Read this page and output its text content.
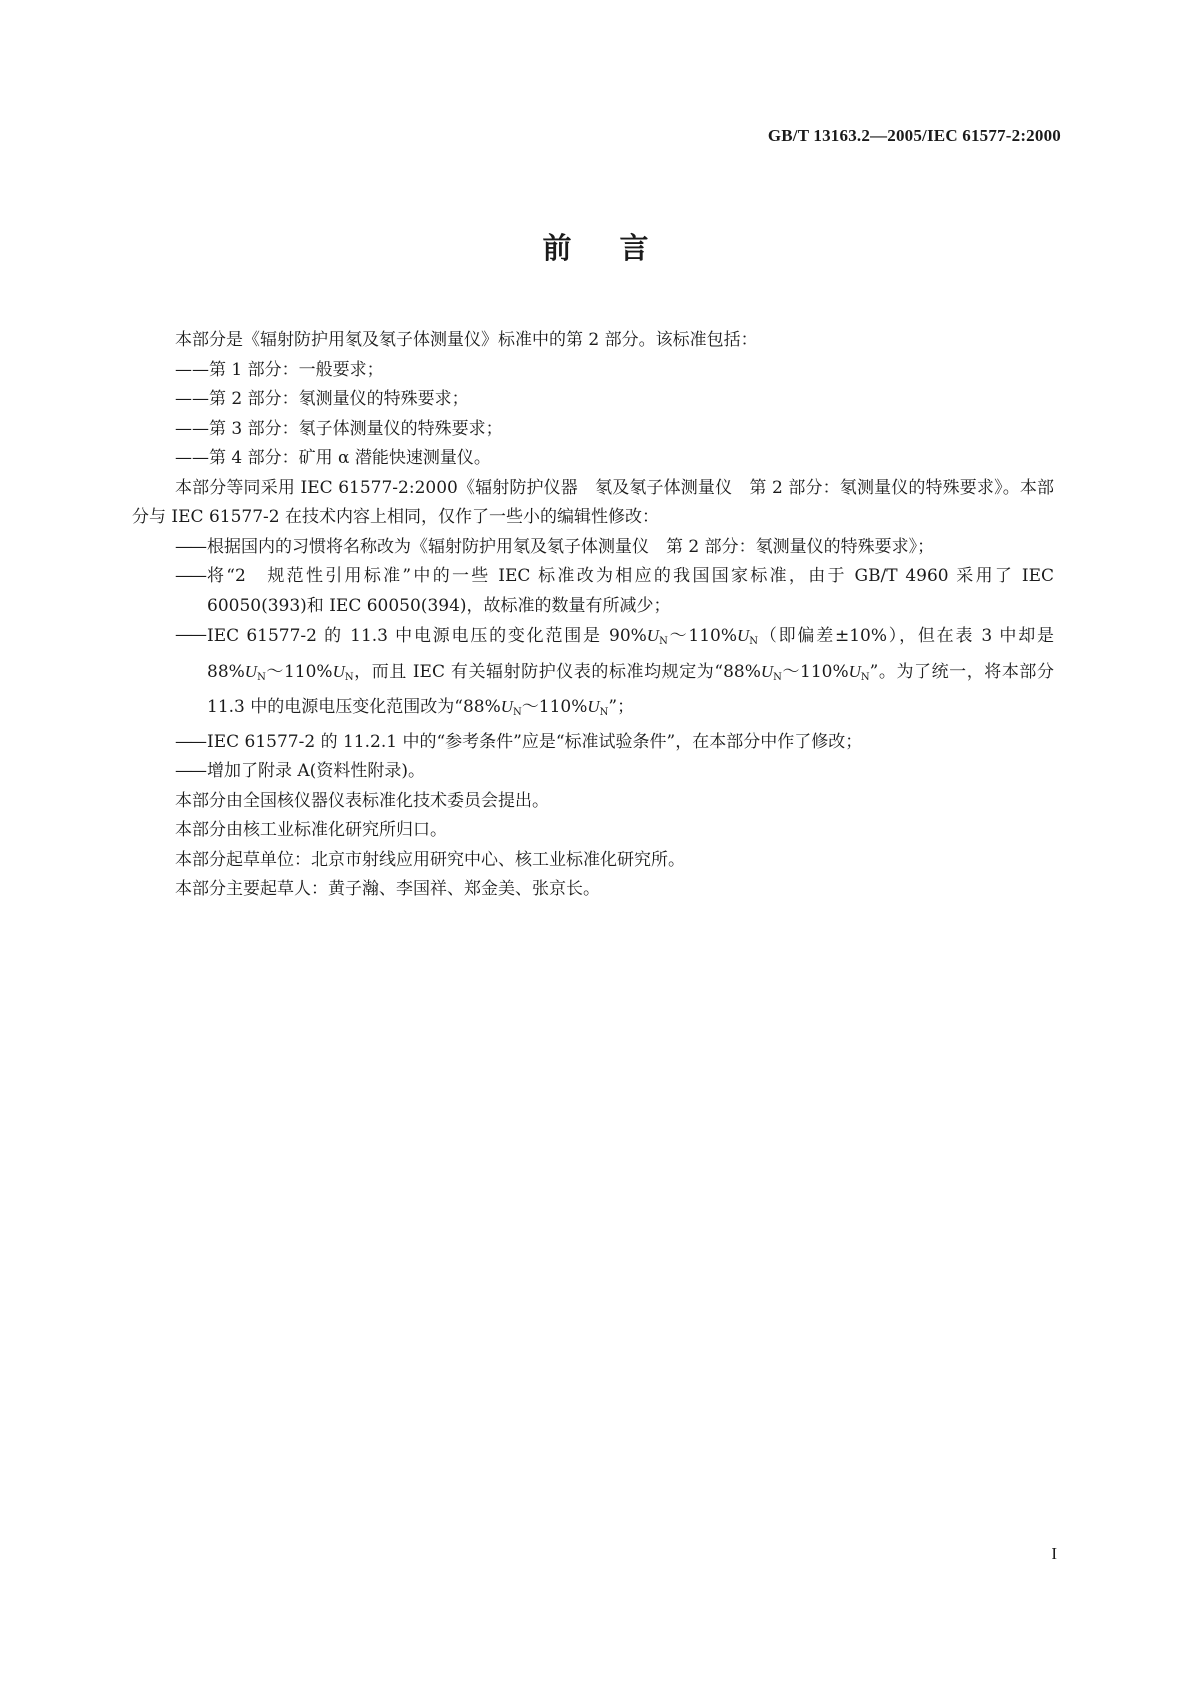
GB/T 13163.2—2005/IEC 61577-2:2000
前言

本部分是《辐射防护用氡及氡子体测量仪》标准中的第 2 部分。该标准包括：

——第 1 部分：一般要求；

——第 2 部分：氡测量仪的特殊要求；

——第 3 部分：氡子体测量仪的特殊要求；

——第 4 部分：矿用 α 潜能快速测量仪。

本部分等同采用 IEC 61577-2:2000《辐射防护仪器　氡及氡子体测量仪　第 2 部分：氡测量仪的特殊要求》。本部分与 IEC 61577-2 在技术内容上相同，仅作了一些小的编辑性修改：

—— 根据国内的习惯将名称改为《辐射防护用氡及氡子体测量仪　第 2 部分：氡测量仪的特殊要求》；

—— 将“2　规范性引用标准”中的一些 IEC 标准改为相应的我国国家标准，由于 GB/T 4960 采用了 IEC 60050(393)和 IEC 60050(394)，故标准的数量有所减少；

—— IEC 61577-2 的 11.3 中电源电压的变化范围是 $90\%U_N\sim 110\%U_N$（即偏差±10%），但在表 3 中却是 $88\%U_N\sim 110\%U_N$，而且 IEC 有关辐射防护仪表的标准均规定为“$88\%U_N\sim 110\%U_N$”。为了统一，将本部分 11.3 中的电源电压变化范围改为“$88\%U_N\sim 110\%U_N$”；

—— IEC 61577-2 的 11.2.1 中的“参考条件”应是“标准试验条件”，在本部分中作了修改；

—— 增加了附录 A(资料性附录)。

本部分由全国核仪器仪表标准化技术委员会提出。

本部分由核工业标准化研究所归口。

本部分起草单位：北京市射线应用研究中心、核工业标准化研究所。

本部分主要起草人：黄子瀚、李国祥、郑金美、张京长。

I
